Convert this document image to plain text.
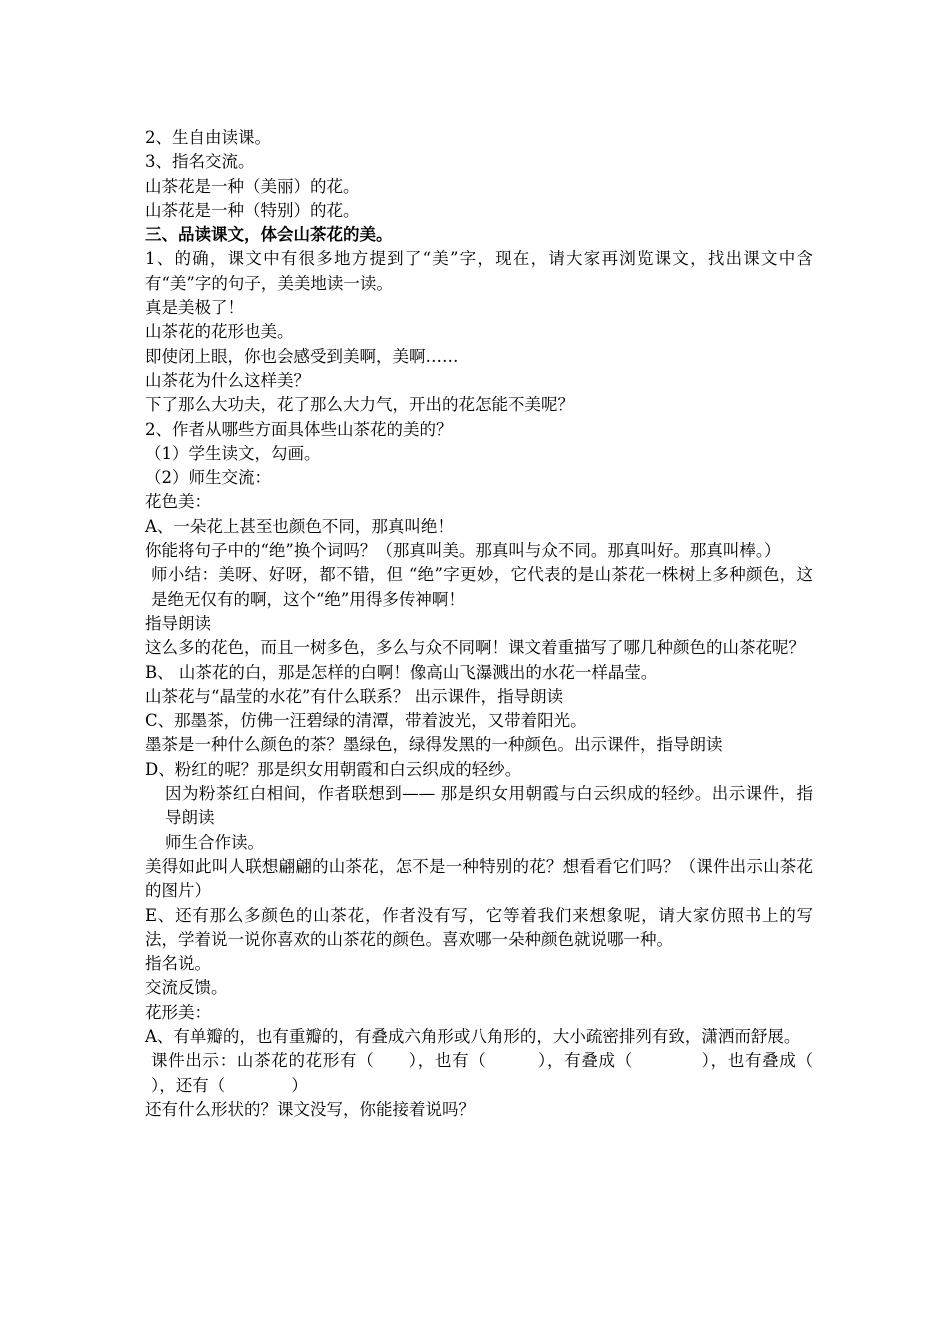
2、生自由读课。

3、指名交流。

山茶花是一种（美丽）的花。

山茶花是一种（特别）的花。

三、品读课文，体会山茶花的美。

1、的确，课文中有很多地方提到了“美”字，现在，请大家再浏览课文，找出课文中含有“美”字的句子，美美地读一读。

真是美极了！

山茶花的花形也美。

即使闭上眼，你也会感受到美啊，美啊……

山茶花为什么这样美？

下了那么大功夫，花了那么大力气，开出的花怎能不美呢？

2、作者从哪些方面具体些山茶花的美的？

（1）学生读文，勾画。

（2）师生交流：

花色美：

A、一朵花上甚至也颜色不同，那真叫绝！

你能将句子中的“绝”换个词吗？（那真叫美。那真叫与众不同。那真叫好。那真叫棒。）

师小结：美呀、好呀，都不错，但 “绝”字更妙，它代表的是山茶花一株树上多种颜色，这是绝无仅有的啊，这个“绝”用得多传神啊！

指导朗读

这么多的花色，而且一树多色，多么与众不同啊！课文着重描写了哪几种颜色的山茶花呢？

B、 山茶花的白，那是怎样的白啊！像高山飞瀑溅出的水花一样晶莹。

山茶花与“晶莹的水花”有什么联系？ 出示课件，指导朗读

C、那墨茶，仿佛一汪碧绿的清潭，带着波光，又带着阳光。

墨茶是一种什么颜色的茶？墨绿色，绿得发黑的一种颜色。出示课件，指导朗读

D、粉红的呢？那是织女用朝霞和白云织成的轻纱。

因为粉茶红白相间，作者联想到—— 那是织女用朝霞与白云织成的轻纱。出示课件，指导朗读

师生合作读。

美得如此叫人联想翩翩的山茶花，怎不是一种特别的花？想看看它们吗？（课件出示山茶花的图片）

E、还有那么多颜色的山茶花，作者没有写，它等着我们来想象呢，请大家仿照书上的写法，学着说一说你喜欢的山茶花的颜色。喜欢哪一朵种颜色就说哪一种。

指名说。

交流反馈。

花形美：

A、有单瓣的，也有重瓣的，有叠成六角形或八角形的，大小疏密排列有致，潇洒而舒展。

课件出示：山茶花的花形有（　　），也有（　　　），有叠成（　　　　），也有叠成（　　），还有（　　　　）

还有什么形状的？课文没写，你能接着说吗？
